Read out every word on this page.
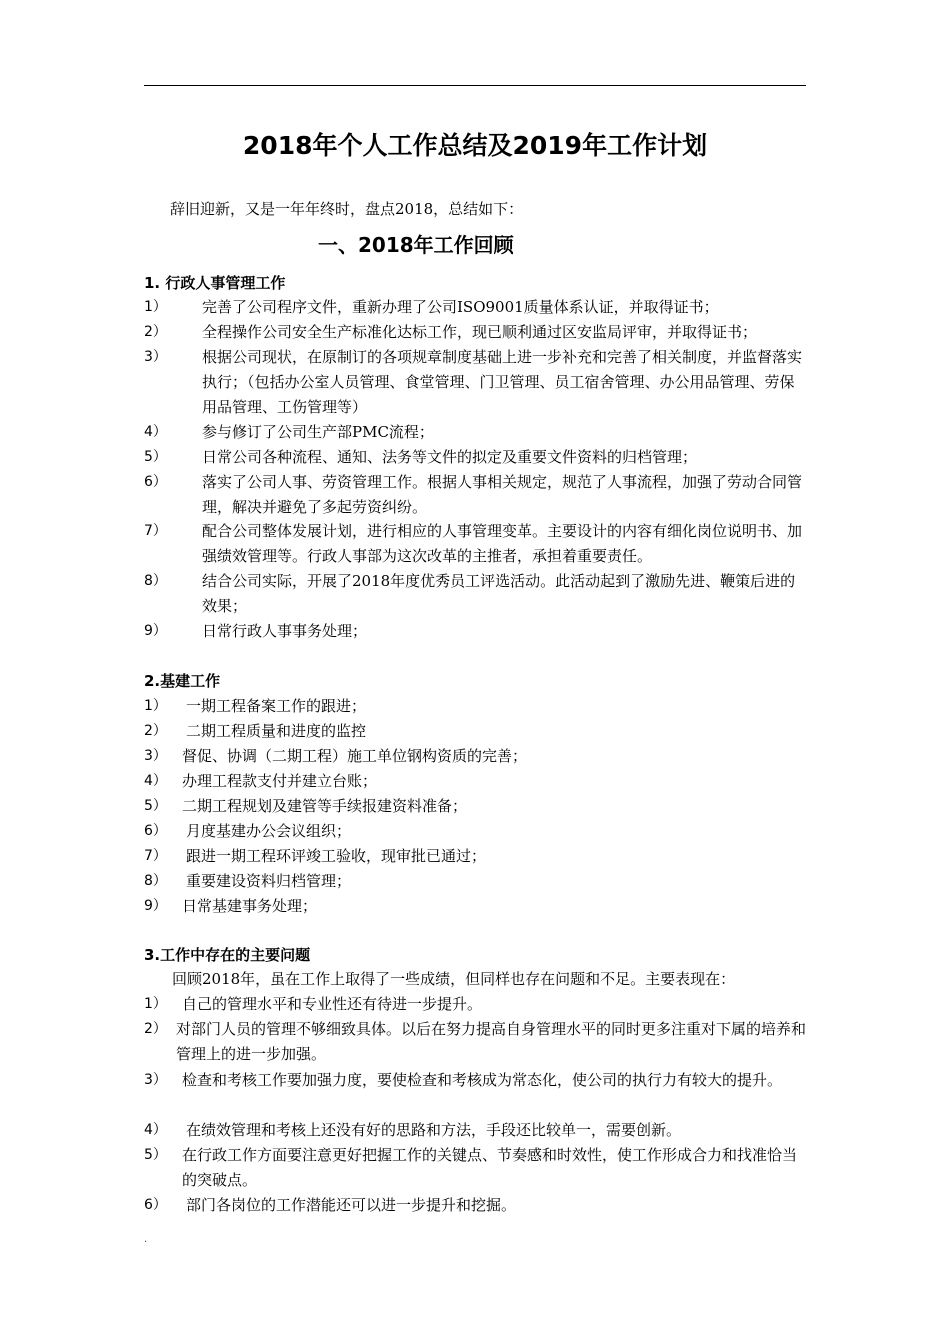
2018年个人工作总结及2019年工作计划
辞旧迎新，又是一年年终时，盘点2018，总结如下：
一、2018年工作回顾
1. 行政人事管理工作
1）	完善了公司程序文件，重新办理了公司ISO9001质量体系认证，并取得证书；
2）	全程操作公司安全生产标准化达标工作，现已顺利通过区安监局评审，并取得证书；
3）	根据公司现状，在原制订的各项规章制度基础上进一步补充和完善了相关制度，并监督落实执行；（包括办公室人员管理、食堂管理、门卫管理、员工宿舍管理、办公用品管理、劳保用品管理、工伤管理等）
4）	参与修订了公司生产部PMC流程；
5）	日常公司各种流程、通知、法务等文件的拟定及重要文件资料的归档管理；
6）	落实了公司人事、劳资管理工作。根据人事相关规定，规范了人事流程，加强了劳动合同管理，解决并避免了多起劳资纠纷。
7）	配合公司整体发展计划，进行相应的人事管理变革。主要设计的内容有细化岗位说明书、加强绩效管理等。行政人事部为这次改革的主推者，承担着重要责任。
8）	结合公司实际，开展了2018年度优秀员工评选活动。此活动起到了激励先进、鞭策后进的效果；
9）	日常行政人事事务处理；
2.基建工作
1）	一期工程备案工作的跟进；
2）	二期工程质量和进度的监控
3）	督促、协调（二期工程）施工单位钢构资质的完善；
4）	办理工程款支付并建立台账；
5）	二期工程规划及建管等手续报建资料准备；
6）	月度基建办公会议组织；
7）	跟进一期工程环评竣工验收，现审批已通过；
8）	重要建设资料归档管理；
9）	日常基建事务处理；
3.工作中存在的主要问题
回顾2018年，虽在工作上取得了一些成绩，但同样也存在问题和不足。主要表现在：
1）	自己的管理水平和专业性还有待进一步提升。
2） 对部门人员的管理不够细致具体。以后在努力提高自身管理水平的同时更多注重对下属的培养和管理上的进一步加强。
3）	检查和考核工作要加强力度，要使检查和考核成为常态化，使公司的执行力有较大的提升。
4）	在绩效管理和考核上还没有好的思路和方法，手段还比较单一，需要创新。
5）	在行政工作方面要注意更好把握工作的关键点、节奏感和时效性，使工作形成合力和找准恰当的突破点。
6）	部门各岗位的工作潜能还可以进一步提升和挖掘。
.
